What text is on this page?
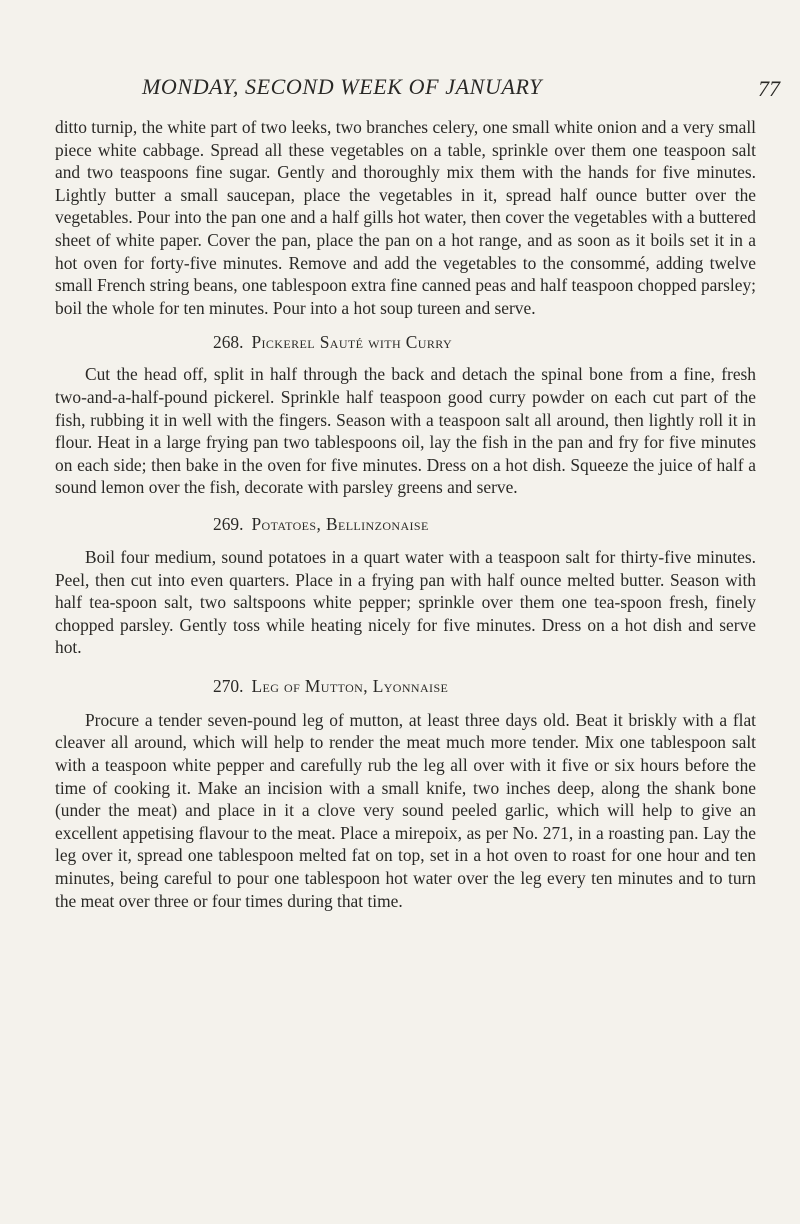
MONDAY, SECOND WEEK OF JANUARY	77

ditto turnip, the white part of two leeks, two branches celery, one small white onion and a very small piece white cabbage. Spread all these vegetables on a table, sprinkle over them one teaspoon salt and two teaspoons fine sugar. Gently and thoroughly mix them with the hands for five minutes. Lightly butter a small saucepan, place the vegetables in it, spread half ounce butter over the vegetables. Pour into the pan one and a half gills hot water, then cover the vegetables with a buttered sheet of white paper. Cover the pan, place the pan on a hot range, and as soon as it boils set it in a hot oven for forty-five minutes. Remove and add the vegetables to the consommé, adding twelve small French string beans, one tablespoon extra fine canned peas and half teaspoon chopped parsley; boil the whole for ten minutes. Pour into a hot soup tureen and serve.

268. Pickerel Sauté with Curry

Cut the head off, split in half through the back and detach the spinal bone from a fine, fresh two-and-a-half-pound pickerel. Sprinkle half teaspoon good curry powder on each cut part of the fish, rubbing it in well with the fingers. Season with a teaspoon salt all around, then lightly roll it in flour. Heat in a large frying pan two tablespoons oil, lay the fish in the pan and fry for five minutes on each side; then bake in the oven for five minutes. Dress on a hot dish. Squeeze the juice of half a sound lemon over the fish, decorate with parsley greens and serve.

269. Potatoes, Bellinzonaise

Boil four medium, sound potatoes in a quart water with a teaspoon salt for thirty-five minutes. Peel, then cut into even quarters. Place in a frying pan with half ounce melted butter. Season with half tea-spoon salt, two saltspoons white pepper; sprinkle over them one tea-spoon fresh, finely chopped parsley. Gently toss while heating nicely for five minutes. Dress on a hot dish and serve hot.

270. Leg of Mutton, Lyonnaise

Procure a tender seven-pound leg of mutton, at least three days old. Beat it briskly with a flat cleaver all around, which will help to render the meat much more tender. Mix one tablespoon salt with a teaspoon white pepper and carefully rub the leg all over with it five or six hours before the time of cooking it. Make an incision with a small knife, two inches deep, along the shank bone (under the meat) and place in it a clove very sound peeled garlic, which will help to give an excellent appetising flavour to the meat. Place a mirepoix, as per No. 271, in a roasting pan. Lay the leg over it, spread one tablespoon melted fat on top, set in a hot oven to roast for one hour and ten minutes, being careful to pour one tablespoon hot water over the leg every ten minutes and to turn the meat over three or four times during that time.
